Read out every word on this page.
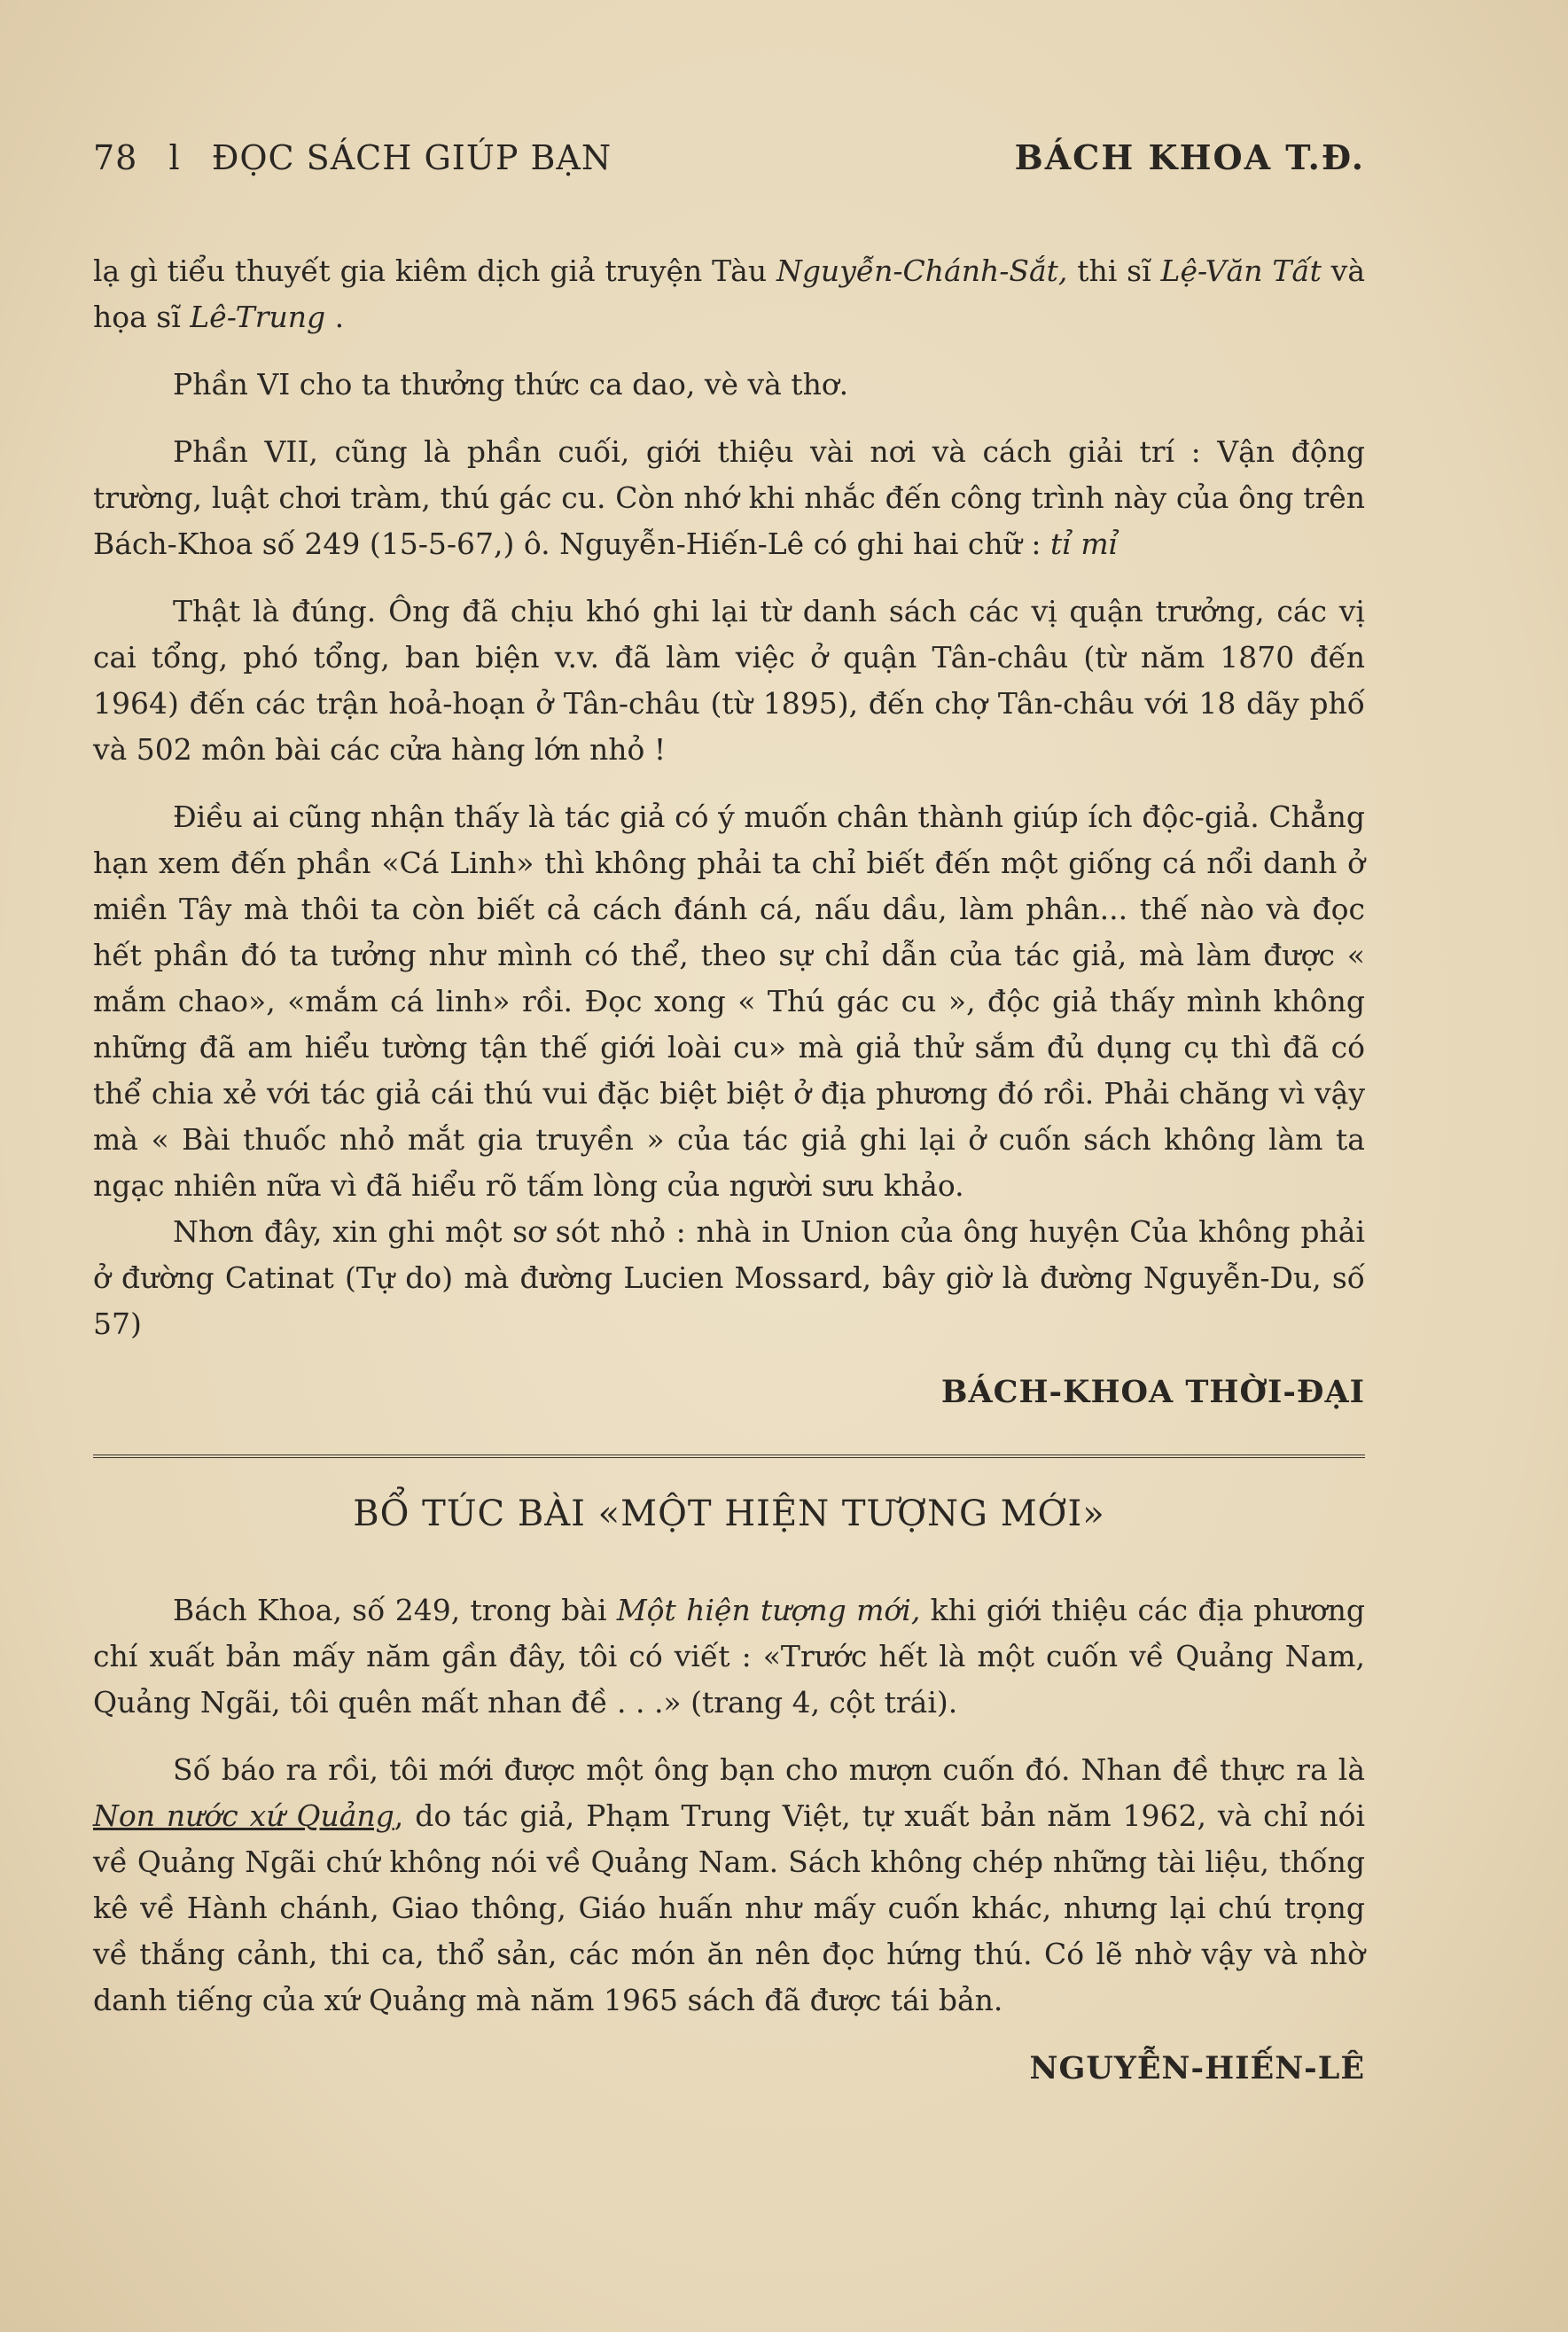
78 l ĐỌC SÁCH GIÚP BẠN	BÁCH KHOA T.Đ.

lạ gì tiểu thuyết gia kiêm dịch giả truyện Tàu Nguyễn-Chánh-Sắt, thi sĩ Lệ-Văn Tất và họa sĩ Lê-Trung .

Phần VI cho ta thưởng thức ca dao, vè và thơ.

Phần VII, cũng là phần cuối, giới thiệu vài nơi và cách giải trí : Vận động trường, luật chơi tràm, thú gác cu. Còn nhớ khi nhắc đến công trình này của ông trên Bách-Khoa số 249 (15-5-67,) ô. Nguyễn-Hiến-Lê có ghi hai chữ : tỉ mỉ

Thật là đúng. Ông đã chịu khó ghi lại từ danh sách các vị quận trưởng, các vị cai tổng, phó tổng, ban biện v.v. đã làm việc ở quận Tân-châu (từ năm 1870 đến 1964) đến các trận hoả-hoạn ở Tân-châu (từ 1895), đến chợ Tân-châu với 18 dãy phố và 502 môn bài các cửa hàng lớn nhỏ !

Điều ai cũng nhận thấy là tác giả có ý muốn chân thành giúp ích độc-giả. Chẳng hạn xem đến phần «Cá Linh» thì không phải ta chỉ biết đến một giống cá nổi danh ở miền Tây mà thôi ta còn biết cả cách đánh cá, nấu dầu, làm phân... thế nào và đọc hết phần đó ta tưởng như mình có thể, theo sự chỉ dẫn của tác giả, mà làm được « mắm chao», «mắm cá linh» rồi. Đọc xong « Thú gác cu », độc giả thấy mình không những đã am hiểu tường tận thế giới loài cu» mà giả thử sắm đủ dụng cụ thì đã có thể chia xẻ với tác giả cái thú vui đặc biệt biệt ở địa phương đó rồi. Phải chăng vì vậy mà « Bài thuốc nhỏ mắt gia truyền » của tác giả ghi lại ở cuốn sách không làm ta ngạc nhiên nữa vì đã hiểu rõ tấm lòng của người sưu khảo.

Nhơn đây, xin ghi một sơ sót nhỏ : nhà in Union của ông huyện Của không phải ở đường Catinat (Tự do) mà đường Lucien Mossard, bây giờ là đường Nguyễn-Du, số 57)

BÁCH-KHOA THỜI-ĐẠI
BỔ TÚC BÀI «MỘT HIỆN TƯỢNG MỚI»

Bách Khoa, số 249, trong bài Một hiện tượng mới, khi giới thiệu các địa phương chí xuất bản mấy năm gần đây, tôi có viết : «Trước hết là một cuốn về Quảng Nam, Quảng Ngãi, tôi quên mất nhan đề . . .» (trang 4, cột trái).

Số báo ra rồi, tôi mới được một ông bạn cho mượn cuốn đó. Nhan đề thực ra là Non nước xứ Quảng, do tác giả, Phạm Trung Việt, tự xuất bản năm 1962, và chỉ nói về Quảng Ngãi chứ không nói về Quảng Nam. Sách không chép những tài liệu, thống kê về Hành chánh, Giao thông, Giáo huấn như mấy cuốn khác, nhưng lại chú trọng về thắng cảnh, thi ca, thổ sản, các món ăn nên đọc hứng thú. Có lẽ nhờ vậy và nhờ danh tiếng của xứ Quảng mà năm 1965 sách đã được tái bản.

NGUYỄN-HIẾN-LÊ
